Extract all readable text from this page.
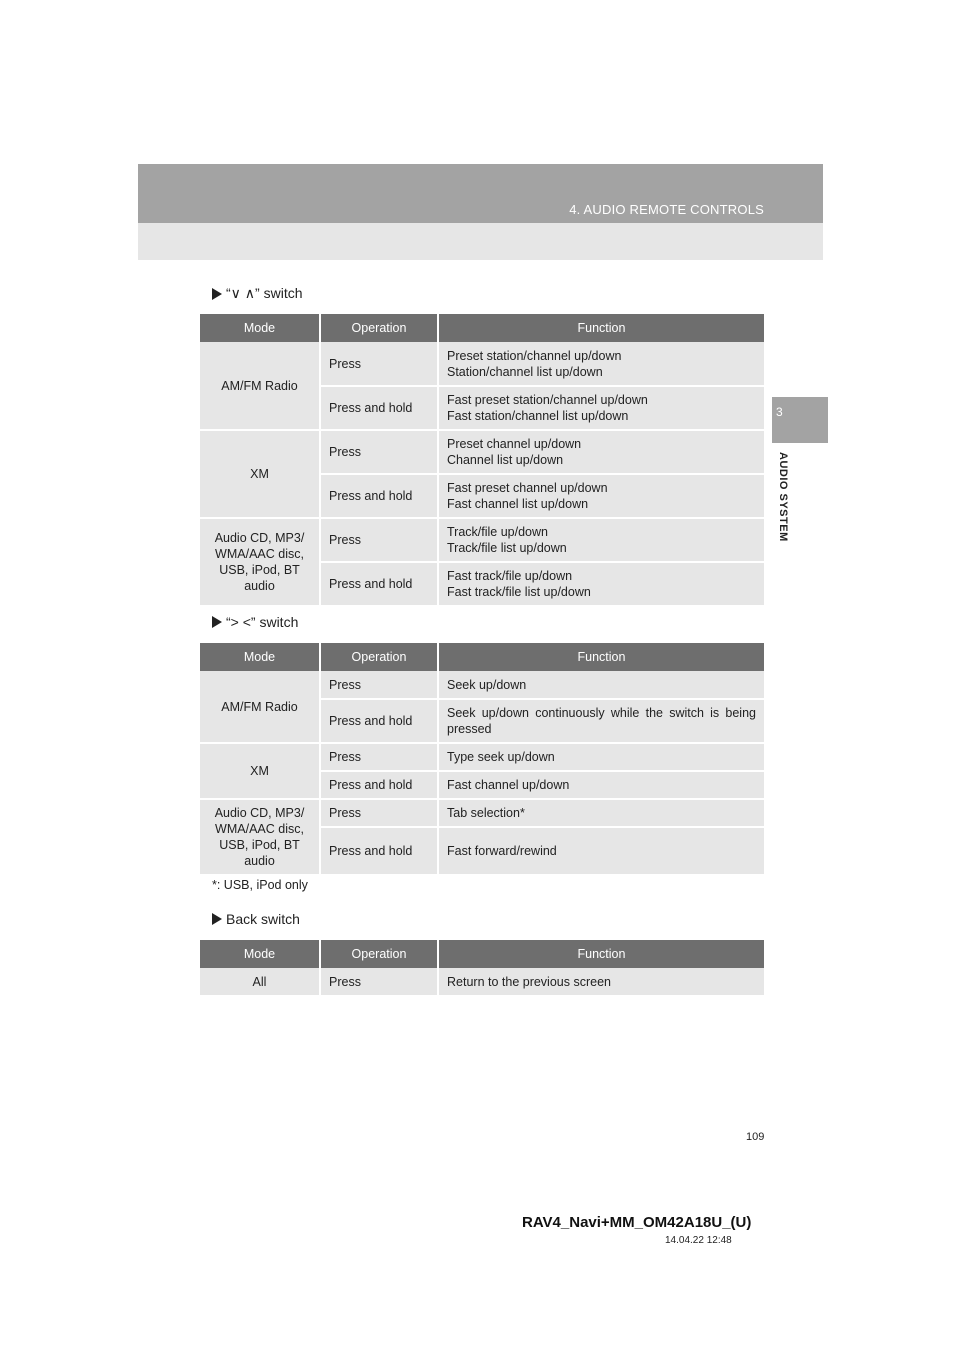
4. AUDIO REMOTE CONTROLS
3
AUDIO SYSTEM
“∨ ∧” switch
Mode	Operation	Function
AM/FM Radio	Press	Preset station/channel up/down
Station/channel list up/down

	Press and hold	Fast preset station/channel up/down
Fast station/channel list up/down

XM	Press	Preset channel up/down
Channel list up/down

	Press and hold	Fast preset channel up/down
Fast channel list up/down

Audio CD, MP3/ WMA/AAC disc, USB, iPod, BT audio	Press	Track/file up/down
Track/file list up/down

	Press and hold	Fast track/file up/down
Fast track/file list up/down
“> <” switch
Mode	Operation	Function
AM/FM Radio	Press	Seek up/down

	Press and hold	Seek up/down continuously while the switch is being pressed

XM	Press	Type seek up/down

	Press and hold	Fast channel up/down

Audio CD, MP3/ WMA/AAC disc, USB, iPod, BT audio	Press	Tab selection*

	Press and hold	Fast forward/rewind
*: USB, iPod only
Back switch
Mode	Operation	Function
All	Press	Return to the previous screen
109
RAV4_Navi+MM_OM42A18U_(U)
14.04.22 12:48
